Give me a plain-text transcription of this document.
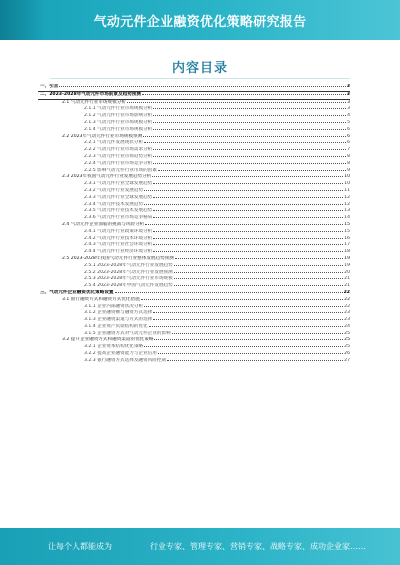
气动元件企业融资优化策略研究报告
内容目录
一、引言	3
二、2023-2028年气动元件市场前景及趋势预测	3
2.1 气动元件行业市场规模分析	3
2.1.1 气动元件行业市场规模分析	3
2.1.2 气动元件行业市场影响分析	4
2.1.3 气动元件行业市场规模分析	5
2.1.4 气动元件行业市场规模分析	6
2.2 2023年气动元件行业市场规模预测	6
2.2.1 气动元件发展现状分析	6
2.2.2 气动元件行业市场需求分析	7
2.2.3 气动元件行业市场趋势分析	8
2.2.4 气动元件行业市场竞争分析	8
2.2.5 影响气动元件行业市场的因素	9
2.3 2023年我国气动元件行业发展趋势分析	10
2.3.1 气动元件行业全球发展趋势	10
2.3.2 气动元件行业发展趋势	11
2.3.3 气动元件行业全球发展趋势	12
2.3.4 气动元件技术发展趋势	12
2.3.5 气动元件行业技术发展趋势	13
2.3.6 气动元件行业市场竞争格局	14
2.4 气动元件企业面临的挑战与风险分析	15
2.4.1 气动元件行业政策环境分析	15
2.4.2 气动元件行业技术环境分析	16
2.4.3 气动元件行业社会环境分析	17
2.4.4 气动元件行业经济环境分析	18
2.5 2023-2028年我国气动元件行业整体发展趋势预测	19
2.5.1 2023-2028年气动元件行业发展趋势	19
2.5.2 2023-2028年气动元件行业发展预测	20
2.5.3 2023-2028年气动元件行业市场规模	21
2.5.4 2023-2028年中国气动元件发展趋势	21
三、气动元件企业融资优化策略设置	22
3.1 银行融资方式和融资方式优化措施	22
3.1.1 企业内部融资状况分析	22
3.1.2 企业融资额与融资方式选择	23
3.1.3 企业融资渠道与方式的选择	23
3.1.4 企业资产负债结构的优化	24
3.1.5 企业融资方式对气动元件企业的影响	25
3.2 提升企业融资方式和融资渠道的优化策略	25
3.2.1 企业资本结构优化策略	25
3.2.2 提高企业融资能力与企业信用	26
3.2.3 银行融资方式选择及融资风险控制	27
让每个人都能成为	行业专家、管理专家、营销专家、战略专家、成功企业家……
